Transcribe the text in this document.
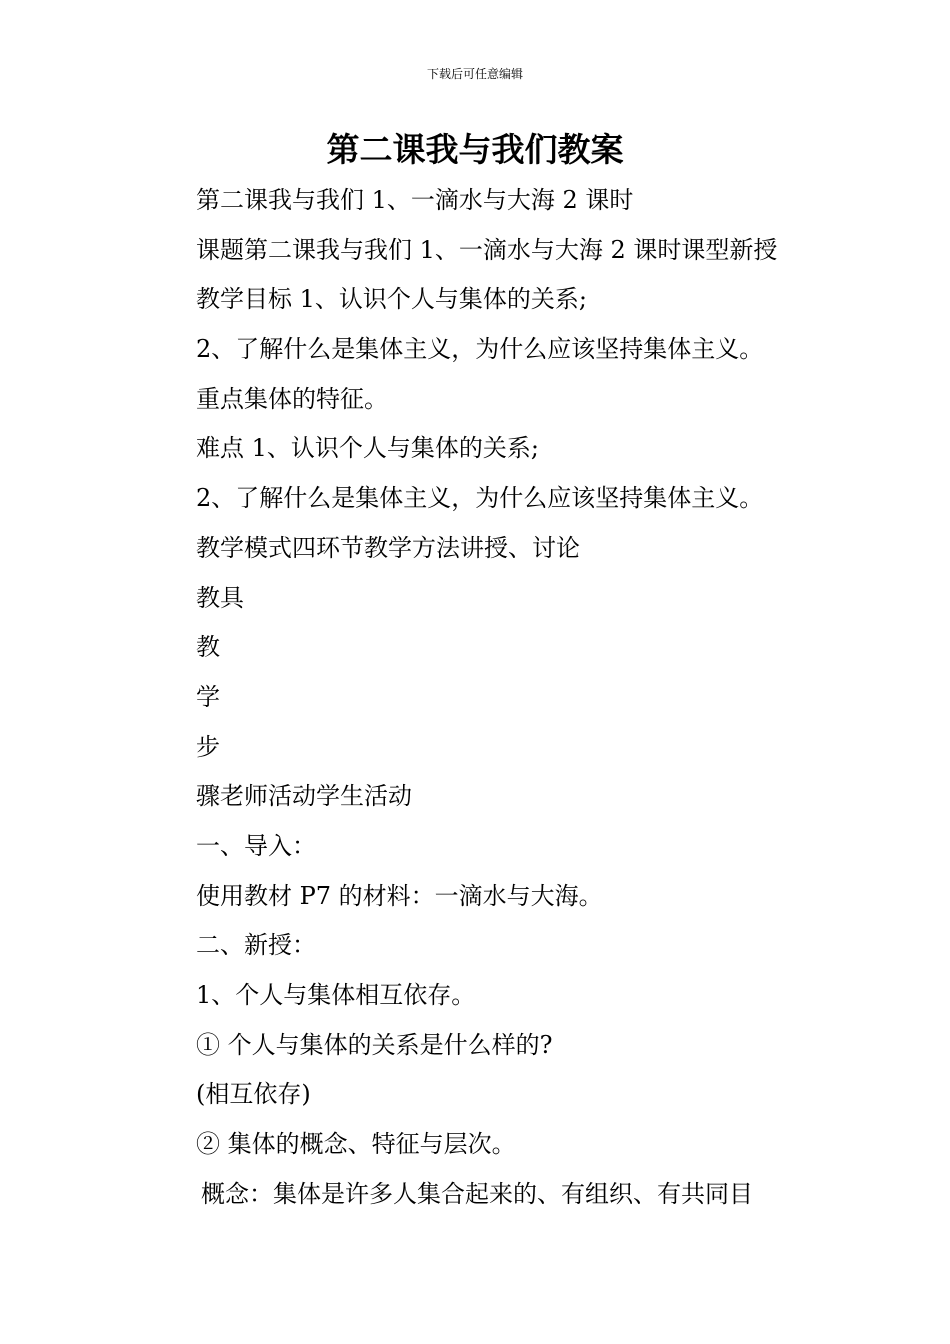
下载后可任意编辑
第二课我与我们教案
第二课我与我们 1、一滴水与大海 2 课时
课题第二课我与我们 1、一滴水与大海 2 课时课型新授
教学目标 1、认识个人与集体的关系;
2、了解什么是集体主义，为什么应该坚持集体主义。
重点集体的特征。
难点 1、认识个人与集体的关系;
2、了解什么是集体主义，为什么应该坚持集体主义。
教学模式四环节教学方法讲授、讨论
教具
教
学
步
骤老师活动学生活动
一、导入：
使用教材 P7 的材料：一滴水与大海。
二、新授：
1、个人与集体相互依存。
① 个人与集体的关系是什么样的?
(相互依存)
② 集体的概念、特征与层次。
概念：集体是许多人集合起来的、有组织、有共同目
